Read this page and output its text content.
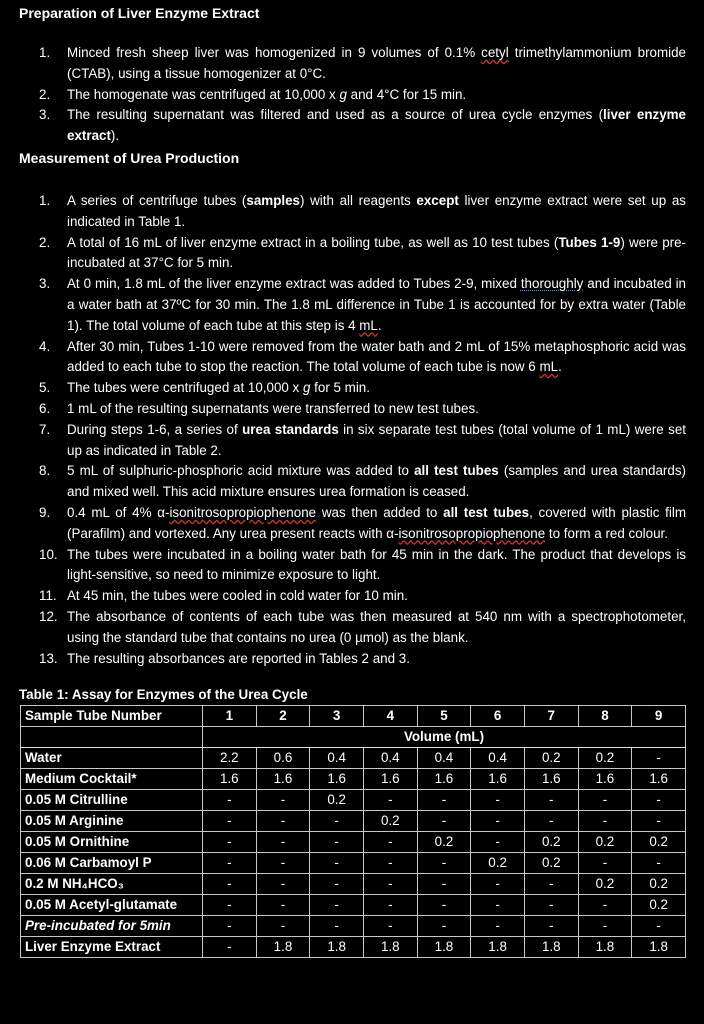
Preparation of Liver Enzyme Extract
1.	Minced fresh sheep liver was homogenized in 9 volumes of 0.1% cetyl trimethylammonium bromide (CTAB), using a tissue homogenizer at 0°C.
2.	The homogenate was centrifuged at 10,000 x g and 4°C for 15 min.
3.	The resulting supernatant was filtered and used as a source of urea cycle enzymes (liver enzyme extract).
Measurement of Urea Production
1.	A series of centrifuge tubes (samples) with all reagents except liver enzyme extract were set up as indicated in Table 1.
2.	A total of 16 mL of liver enzyme extract in a boiling tube, as well as 10 test tubes (Tubes 1-9) were pre-incubated at 37°C for 5 min.
3.	At 0 min, 1.8 mL of the liver enzyme extract was added to Tubes 2-9, mixed thoroughly and incubated in a water bath at 37ºC for 30 min. The 1.8 mL difference in Tube 1 is accounted for by extra water (Table 1). The total volume of each tube at this step is 4 mL.
4.	After 30 min, Tubes 1-10 were removed from the water bath and 2 mL of 15% metaphosphoric acid was added to each tube to stop the reaction. The total volume of each tube is now 6 mL.
5.	The tubes were centrifuged at 10,000 x g for 5 min.
6.	1 mL of the resulting supernatants were transferred to new test tubes.
7.	During steps 1-6, a series of urea standards in six separate test tubes (total volume of 1 mL) were set up as indicated in Table 2.
8.	5 mL of sulphuric-phosphoric acid mixture was added to all test tubes (samples and urea standards) and mixed well. This acid mixture ensures urea formation is ceased.
9.	0.4 mL of 4% α-isonitrosopropiophenone was then added to all test tubes, covered with plastic film (Parafilm) and vortexed. Any urea present reacts with α-isonitrosopropiophenone to form a red colour.
10. The tubes were incubated in a boiling water bath for 45 min in the dark. The product that develops is light-sensitive, so need to minimize exposure to light.
11. At 45 min, the tubes were cooled in cold water for 10 min.
12. The absorbance of contents of each tube was then measured at 540 nm with a spectrophotometer, using the standard tube that contains no urea (0 µmol) as the blank.
13. The resulting absorbances are reported in Tables 2 and 3.
Table 1: Assay for Enzymes of the Urea Cycle
Sample Tube Number	1	2	3	4	5	6	7	8	9
	Volume (mL)								
Water	2.2	0.6	0.4	0.4	0.4	0.4	0.2	0.2	-
Medium Cocktail*	1.6	1.6	1.6	1.6	1.6	1.6	1.6	1.6	1.6
0.05 M Citrulline	-	-	0.2	-	-	-	-	-	-
0.05 M Arginine	-	-	-	0.2	-	-	-	-	-
0.05 M Ornithine	-	-	-	-	0.2	-	0.2	0.2	0.2
0.06 M Carbamoyl P	-	-	-	-	-	0.2	0.2	-	-
0.2 M NH₄HCO₃	-	-	-	-	-	-	-	0.2	0.2
0.05 M Acetyl-glutamate	-	-	-	-	-	-	-	-	0.2
Pre-incubated for 5min	-	-	-	-	-	-	-	-	-
Liver Enzyme Extract	-	1.8	1.8	1.8	1.8	1.8	1.8	1.8	1.8
